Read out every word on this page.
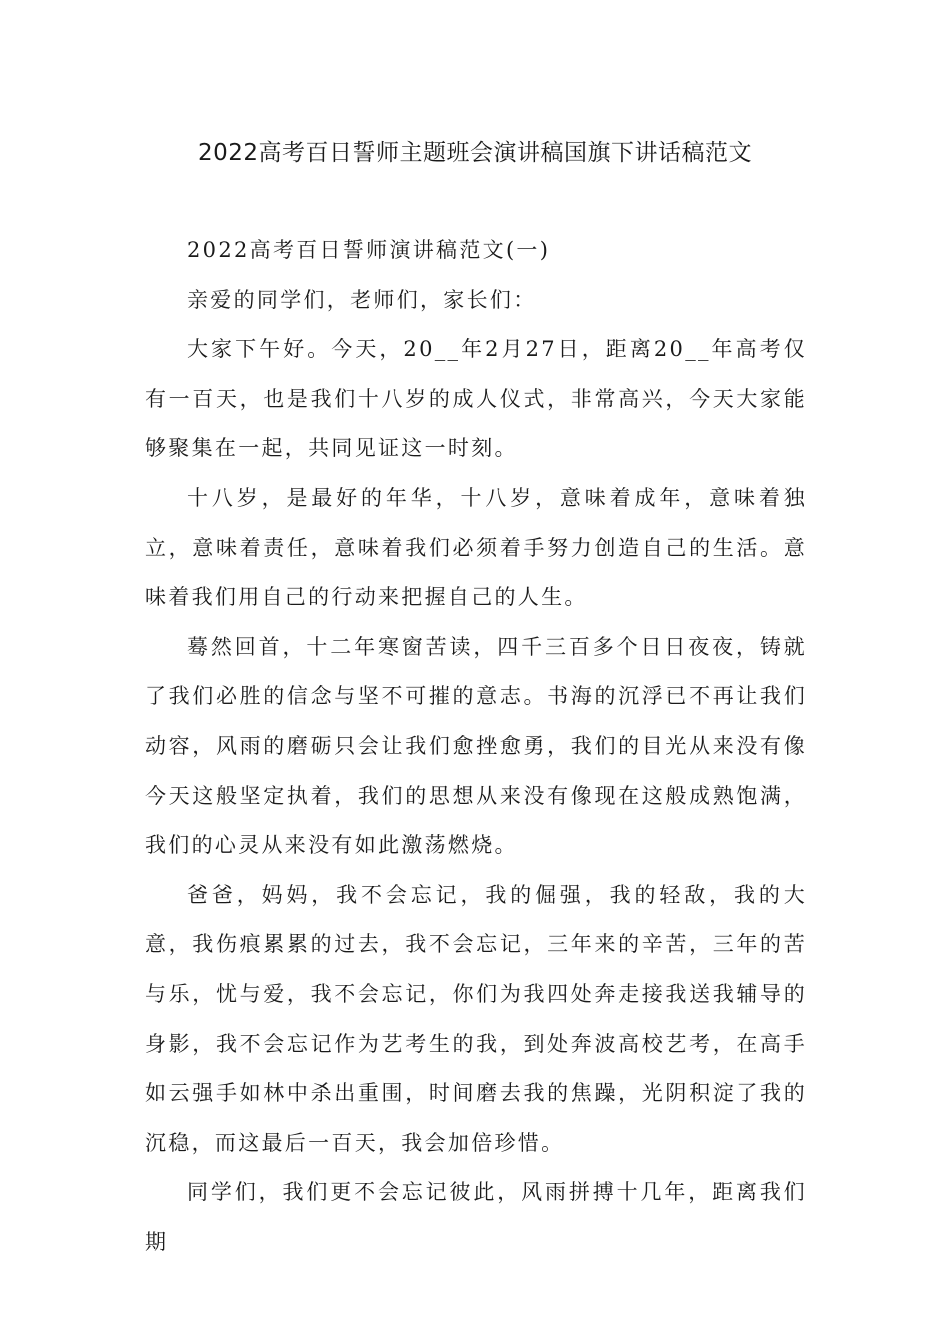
2022高考百日誓师主题班会演讲稿国旗下讲话稿范文

2022高考百日誓师演讲稿范文(一)

亲爱的同学们，老师们，家长们：

大家下午好。今天，20__年2月27日，距离20__年高考仅有一百天，也是我们十八岁的成人仪式，非常高兴，今天大家能够聚集在一起，共同见证这一时刻。

十八岁，是最好的年华，十八岁，意味着成年，意味着独立，意味着责任，意味着我们必须着手努力创造自己的生活。意味着我们用自己的行动来把握自己的人生。

蓦然回首，十二年寒窗苦读，四千三百多个日日夜夜，铸就了我们必胜的信念与坚不可摧的意志。书海的沉浮已不再让我们动容，风雨的磨砺只会让我们愈挫愈勇，我们的目光从来没有像今天这般坚定执着，我们的思想从来没有像现在这般成熟饱满，我们的心灵从来没有如此激荡燃烧。

爸爸，妈妈，我不会忘记，我的倔强，我的轻敌，我的大意，我伤痕累累的过去，我不会忘记，三年来的辛苦，三年的苦与乐，忧与爱，我不会忘记，你们为我四处奔走接我送我辅导的身影，我不会忘记作为艺考生的我，到处奔波高校艺考，在高手如云强手如林中杀出重围，时间磨去我的焦躁，光阴积淀了我的沉稳，而这最后一百天，我会加倍珍惜。

同学们，我们更不会忘记彼此，风雨拼搏十几年，距离我们期
